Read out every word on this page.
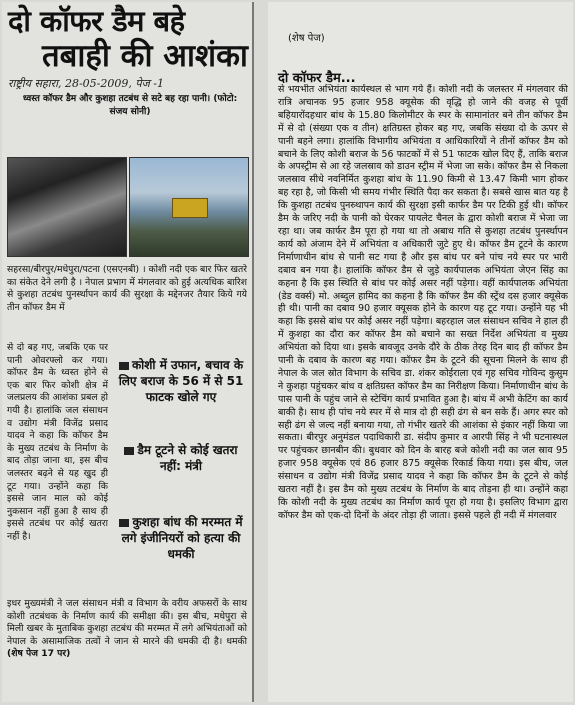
दो कॉफर डैम बहे
तबाही की आशंका
राष्ट्रीय सहारा, 28-05-2009, पेज -1
ध्वस्त कॉफर डैम और कुशहा तटबंध से सटे बह रहा पानी। (फोटो: संजय सोनी)
सहरसा/बीरपुर/मधेपुरा/पटना (एसएनबी) । कोशी नदी एक बार फिर खतरे का संकेत देने लगी है । नेपाल प्रभाग में मंगलवार को हुई अत्यधिक बारिश से कुशहा तटबंध पुनर्स्थापन कार्य की सुरक्षा के मद्देनजर तैयार किये गये तीन कॉफर डैम में
से दो बह गए, जबकि एक पर पानी ओवरफ्लो कर गया। कॉफर डैम के ध्वस्त होने से एक बार फिर कोशी क्षेत्र में जलप्रलय की आशंका प्रबल हो गयी है। हालांकि जल संसाधन व उद्योग मंत्री विजेंद्र प्रसाद यादव ने कहा कि कॉफर डैम के मुख्य तटबंध के निर्माण के बाद तोड़ा जाना था, इस बीच जलस्तर बढ़ने से यह खुद ही टूट गया। उन्होंने कहा कि इससे जान माल को कोई नुकसान नहीं हुआ है साथ ही इससे तटबंध पर कोई खतरा नहीं है।
कोशी में उफान, बचाव के लिए बराज के 56 में से 51 फाटक खोले गए
डैम टूटने से कोई खतरा नहीं: मंत्री
कुशहा बांध की मरम्मत में लगे इंजीनियरों को हत्या की धमकी
इधर मुख्यमंत्री ने जल संसाधन मंत्री व विभाग के वरीय अफसरों के साथ कोशी तटबंधक के निर्माण कार्य की समीक्षा की। इस बीच, मधेपुरा से मिली खबर के मुताबिक कुशहा तटबंध की मरम्मत में लगे अभियंताओं को नेपाल के असामाजिक तत्वों ने जान से मारने की धमकी दी है। धमकी (शेष पेज 17 पर)
(शेष पेज)
दो कॉफर डैम...
से भयभीत अभियंता कार्यस्थल से भाग गये हैं। कोशी नदी के जलस्तर में मंगलवार की रात्रि अचानक 95 हजार 958 क्यूसेक की वृद्धि हो जाने की वजह से पूर्वी बहियारोंदहधार बांध के 15.80 किलोमीटर के स्पर के सामानांतर बने तीन कॉफर डैम में से दो (संख्या एक व तीन) क्षतिग्रस्त होकर बह गए, जबकि संख्या दो के ऊपर से पानी बहने लगा। हालांकि विभागीय अभियंता व आधिकारियों ने तीनों कॉफर डैम को बचाने के लिए कोशी बराज के 56 फाटकों में से 51 फाटक खोल दिए हैं, ताकि बराज के अपस्ट्रीम से आ रहे जलस्राव को डाउन स्ट्रीम में भेजा जा सके। कॉफर डैम से निकला जलस्राव सीधे नवनिर्मित कुशहा बांध के 11.90 किमी से 13.47 किमी भाग होकर बह रहा है, जो किसी भी समय गंभीर स्थिति पैदा कर सकता है। सबसे खास बात यह है कि कुशहा तटबंध पुनस्र्थापन कार्य की सुरक्षा इसी कार्फर डैम पर टिकी हुई थी। कॉफर डैम के जरिए नदी के पानी को घेरकर पायलेट चैनल के द्वारा कोशी बराज में भेजा जा रहा था। जब कार्फर डैम पूरा हो गया था तो अबाध गति से कुशहा तटबंध पुनर्स्थापन कार्य को अंजाम देने में अभियंता व अधिकारी जुटे हुए थे। कॉफर डैम टूटने के कारण निर्माणाधीन बांध से पानी सट गया है और इस बांध पर बने पांच नये स्पर पर भारी दबाव बन गया है। हालांकि कॉफर डैम से जुड़े कार्यपालक अभियंता जेएन सिंह का कहना है कि इस स्थिति से बांध पर कोई असर नहीं पड़ेगा। वहीं कार्यपालक अभियंता (डेड वर्क्स) मो. अब्दुल हामिद का कहना है कि कॉफर डैम की स्ट्रेंथ दस हजार क्यूसेक ही थी। पानी का दबाव 90 हजार क्यूसक होने के कारण यह टूट गया। उन्होंने यह भी कहा कि इससे बांध पर कोई असर नहीं पड़ेगा। बहरहाल जल संसाधन सचिव ने हाल ही में कुशहा का दौरा कर कॉफर डैम को बचाने का सख्त निर्देश अभियंता व मुख्य अभियंता को दिया था। इसके बावजूद उनके दौरे के ठीक तेरह दिन बाद ही कॉफर डैम पानी के दबाव के कारण बह गया। कॉफर डैम के टूटने की सूचना मिलने के साथ ही नेपाल के जल स्रोत विभाग के सचिव डा. शंकर कोईराला एवं गृह सचिव गोविन्द कुसुम ने कुशहा पहुंचकर बांध व क्षतिग्रस्त कॉफर डैम का निरीक्षण किया। निर्माणाधीन बांध के पास पानी के पहुंच जाने से स्टेचिंग कार्य प्रभावित हुआ है। बांध में अभी केटिंग का कार्य बाकी है। साथ ही पांच नये स्पर में से मात्र दो ही सही ढंग से बन सके हैं। अगर स्पर को सही ढंग से जल्द नहीं बनाया गया, तो गंभीर खतरे की आशंका से इंकार नहीं किया जा सकता। बीरपुर अनुमंडल पदाधिकारी डा. संदीप कुमार व आरपी सिंह ने भी घटनास्थल पर पहुंचकर छानबीन की। बुधवार को दिन के बारह बजे कोशी नदी का जल स्राव 95 हजार 958 क्यूसेक एवं 86 हजार 875 क्यूसेक रिकार्ड किया गया। इस बीच, जल संसाधन व उद्योग मंत्री विजेंद्र प्रसाद यादव ने कहा कि कॉफर डैम के टूटने से कोई खतरा नहीं है। इस डैम को मुख्य तटबंध के निर्माण के बाद तोड़ना ही था। उन्होंने कहा कि कोशी नदी के मुख्य तटबंध का निर्माण कार्य पूरा हो गया है। इसलिए विभाग द्वारा कॉफर डैम को एक-दो दिनों के अंदर तोड़ा ही जाता। इससे पहले ही नदी में मंगलवार
